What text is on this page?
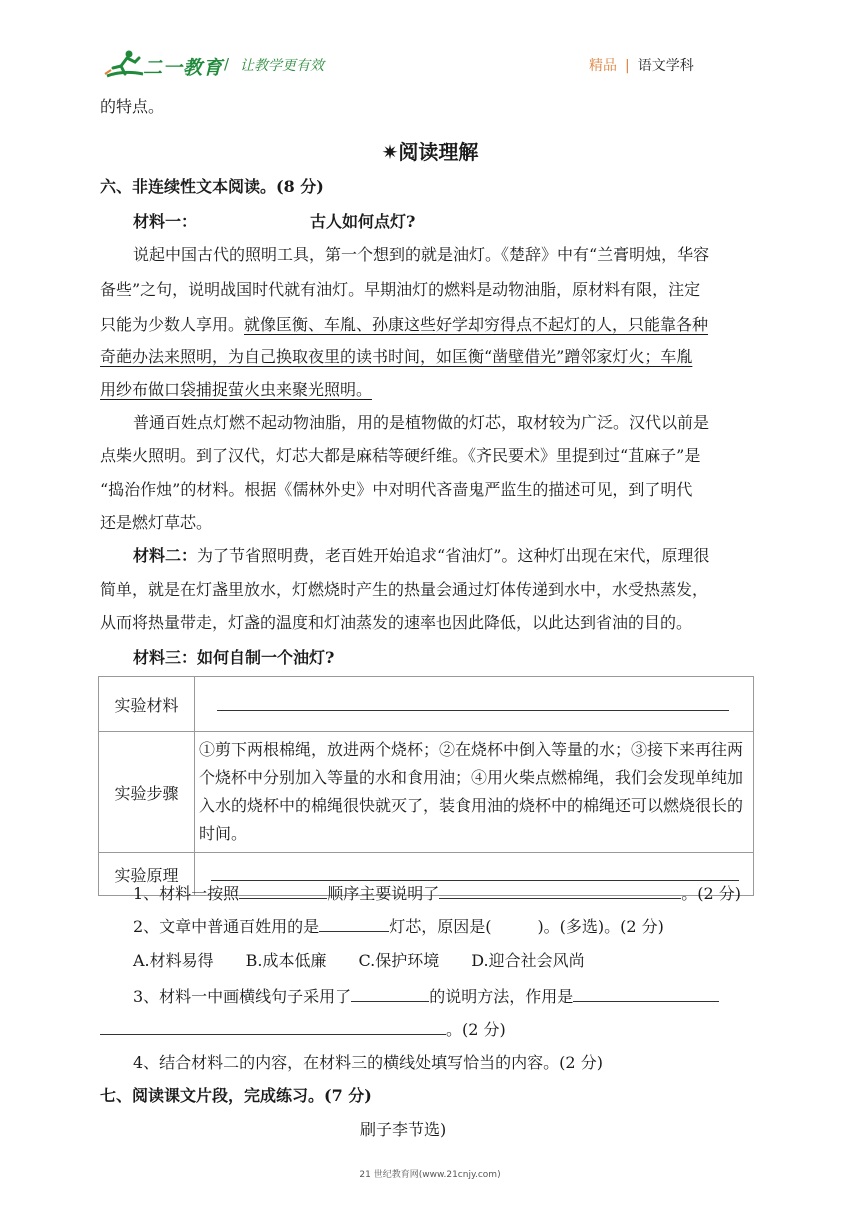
二一教育 / 让教学更有效	精品 | 语文学科
的特点。
✷阅读理解
六、非连续性文本阅读。(8 分)
材料一：	古人如何点灯?
说起中国古代的照明工具，第一个想到的就是油灯。《楚辞》中有“兰膏明烛，华容
备些”之句，说明战国时代就有油灯。早期油灯的燃料是动物油脂，原材料有限，注定
只能为少数人享用。就像匡衡、车胤、孙康这些好学却穷得点不起灯的人，只能靠各种
奇葩办法来照明，为自己换取夜里的读书时间，如匡衡“凿壁借光”蹭邻家灯火；车胤
用纱布做口袋捕捉萤火虫来聚光照明。
普通百姓点灯燃不起动物油脂，用的是植物做的灯芯，取材较为广泛。汉代以前是
点柴火照明。到了汉代，灯芯大都是麻秸等硬纤维。《齐民要术》里提到过“苴麻子”是
“捣治作烛”的材料。根据《儒林外史》中对明代吝啬鬼严监生的描述可见，到了明代
还是燃灯草芯。
材料二：为了节省照明费，老百姓开始追求“省油灯”。这种灯出现在宋代，原理很
简单，就是在灯盏里放水，灯燃烧时产生的热量会通过灯体传递到水中，水受热蒸发，
从而将热量带走，灯盏的温度和灯油蒸发的速率也因此降低，以此达到省油的目的。
材料三：如何自制一个油灯?
实验材料	
实验步骤	①剪下两根棉绳，放进两个烧杯；②在烧杯中倒入等量的水；③接下来再往两个烧杯中分别加入等量的水和食用油；④用火柴点燃棉绳，我们会发现单纯加入水的烧杯中的棉绳很快就灭了，装食用油的烧杯中的棉绳还可以燃烧很长的时间。
实验原理	
1、材料一按照	顺序主要说明了	。(2 分)
2、文章中普通百姓用的是	灯芯，原因是(	)。(多选)。(2 分)
A.材料易得　　B.成本低廉　　C.保护环境　　D.迎合社会风尚
3、材料一中画横线句子采用了	的说明方法，作用是
。(2 分)
4、结合材料二的内容，在材料三的横线处填写恰当的内容。(2 分)
七、阅读课文片段，完成练习。(7 分)
刷子李节选)
21 世纪教育网(www.21cnjy.com)
